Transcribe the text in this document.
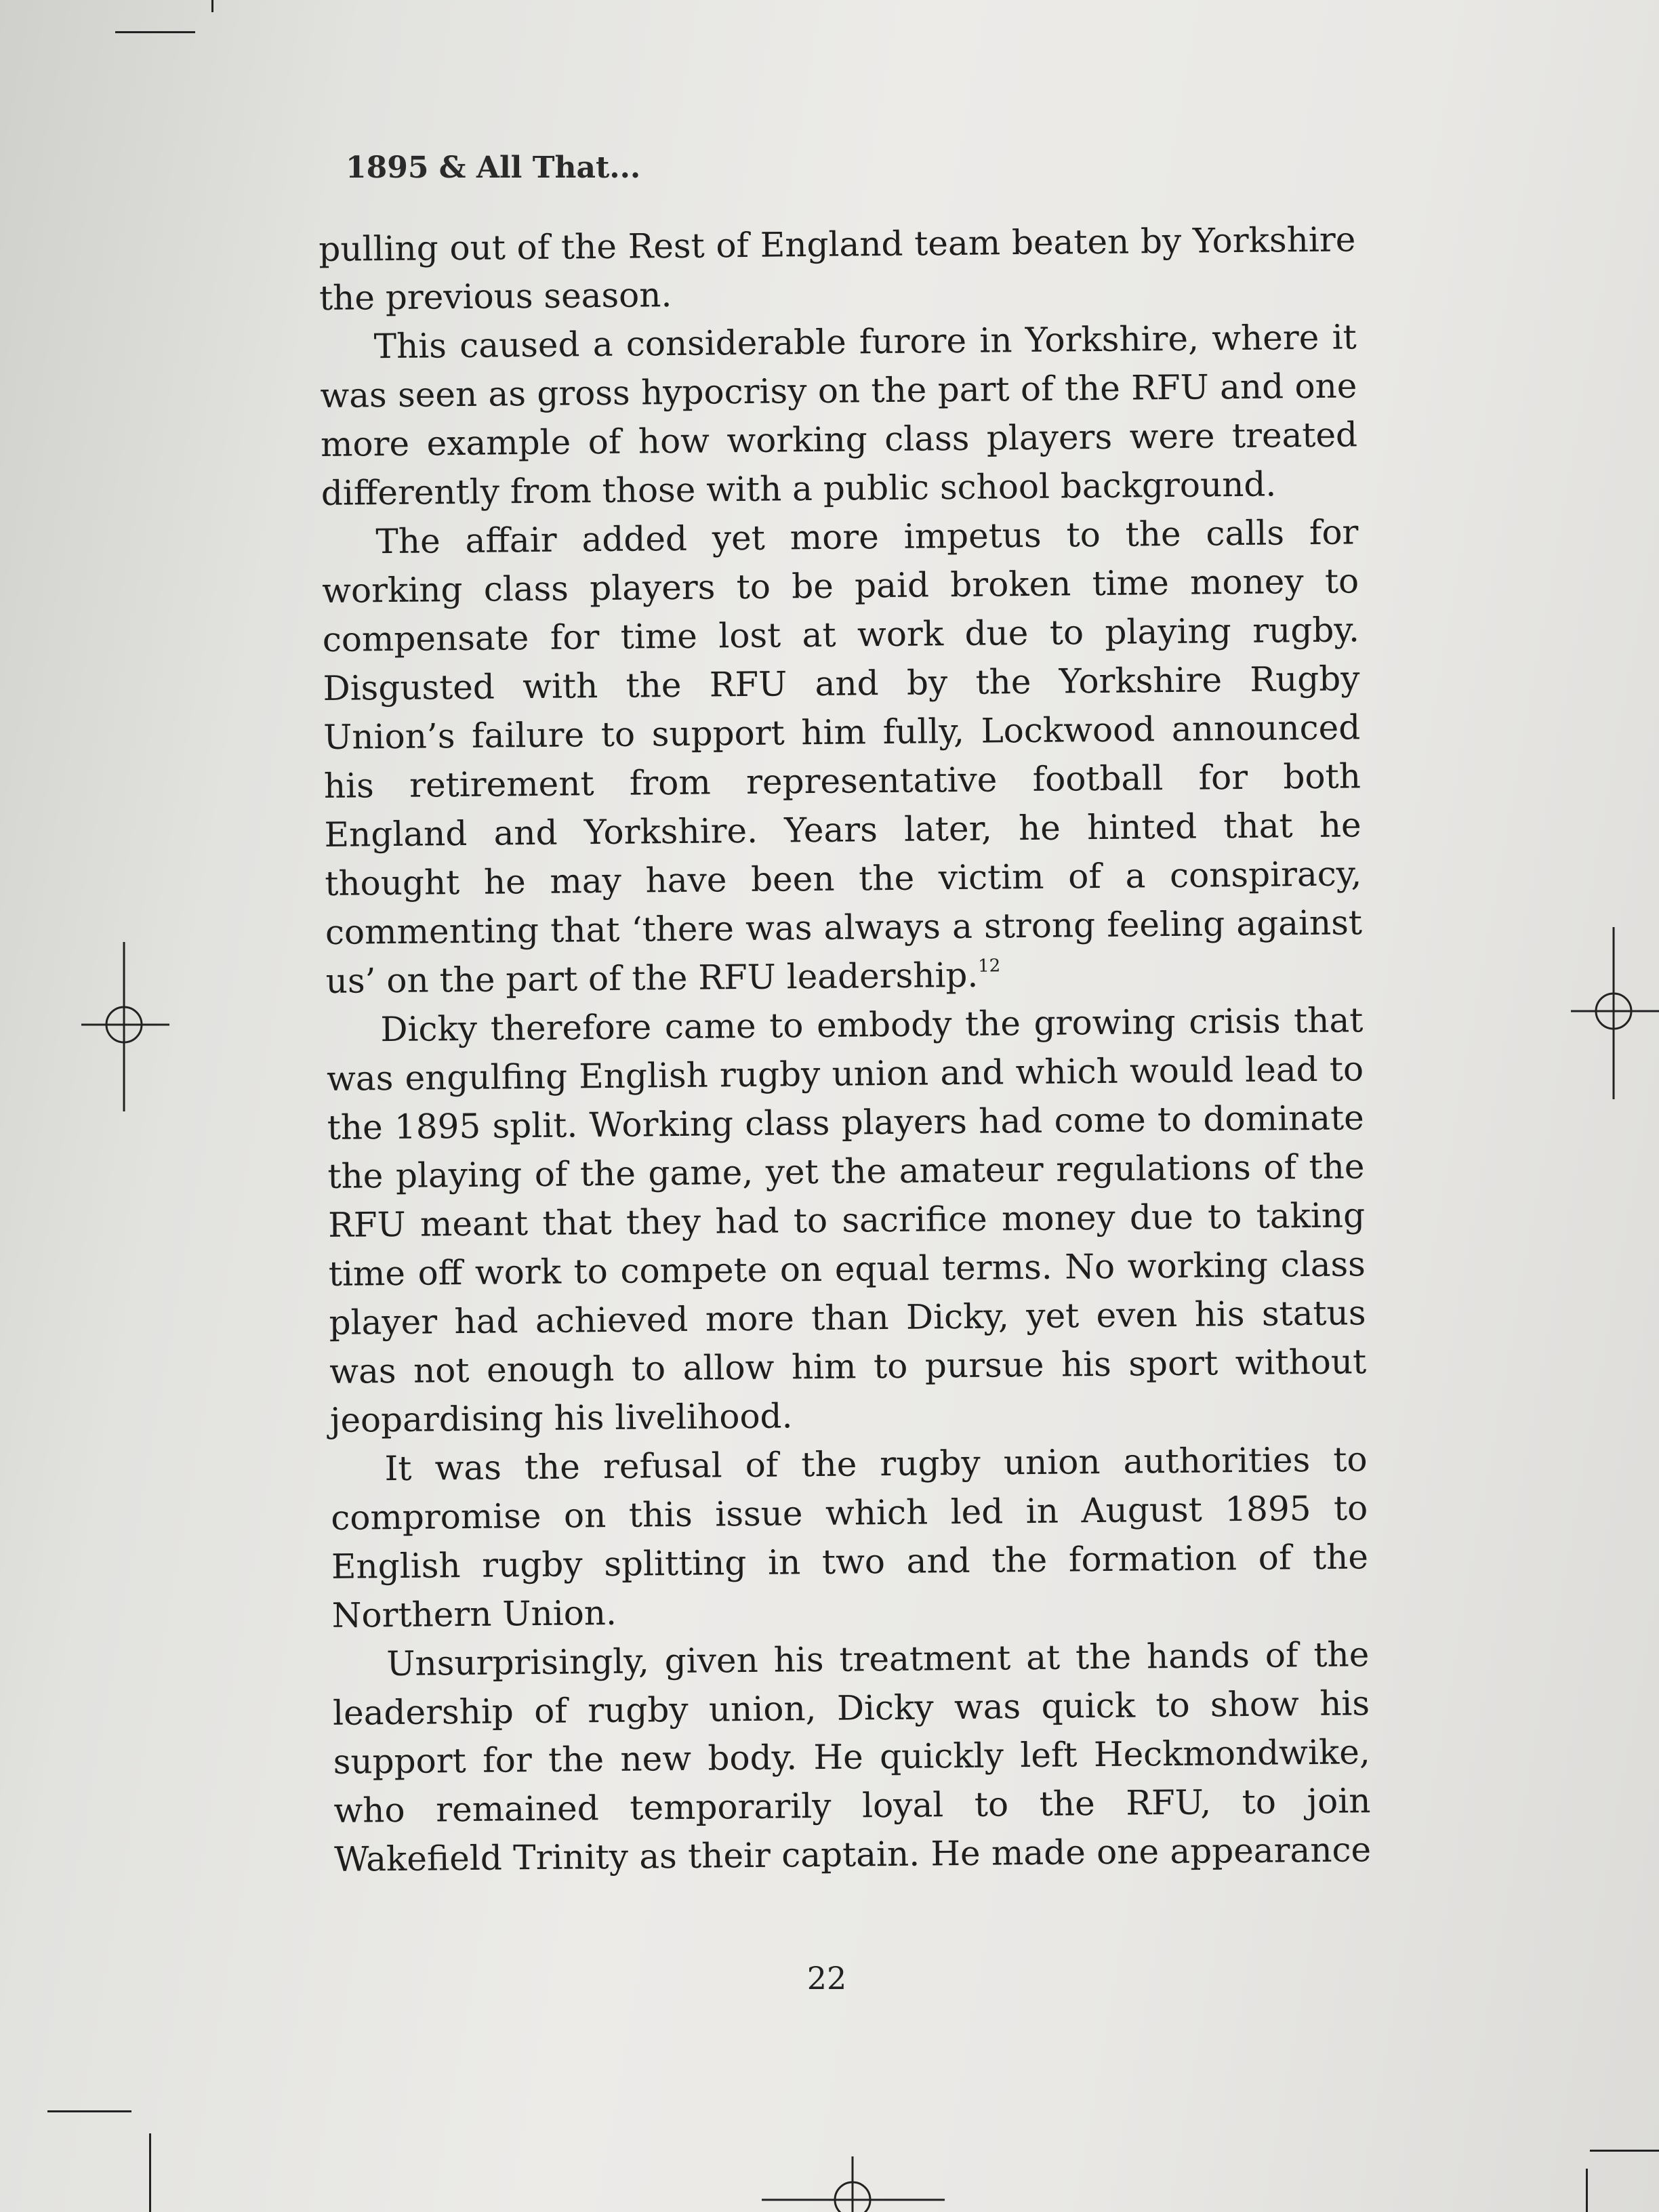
1895 & All That...

pulling out of the Rest of England team beaten by Yorkshire the previous season.

This caused a considerable furore in Yorkshire, where it was seen as gross hypocrisy on the part of the RFU and one more example of how working class players were treated differently from those with a public school background.

The affair added yet more impetus to the calls for working class players to be paid broken time money to compensate for time lost at work due to playing rugby. Disgusted with the RFU and by the Yorkshire Rugby Union’s failure to support him fully, Lockwood announced his retirement from representative football for both England and Yorkshire. Years later, he hinted that he thought he may have been the victim of a conspiracy, commenting that ‘there was always a strong feeling against us’ on the part of the RFU leadership.$^{12}$

Dicky therefore came to embody the growing crisis that was engulfing English rugby union and which would lead to the 1895 split. Working class players had come to dominate the playing of the game, yet the amateur regulations of the RFU meant that they had to sacrifice money due to taking time off work to compete on equal terms. No working class player had achieved more than Dicky, yet even his status was not enough to allow him to pursue his sport without jeopardising his livelihood.

It was the refusal of the rugby union authorities to compromise on this issue which led in August 1895 to English rugby splitting in two and the formation of the Northern Union.

Unsurprisingly, given his treatment at the hands of the leadership of rugby union, Dicky was quick to show his support for the new body. He quickly left Heckmondwike, who remained temporarily loyal to the RFU, to join Wakefield Trinity as their captain. He made one appearance

22
